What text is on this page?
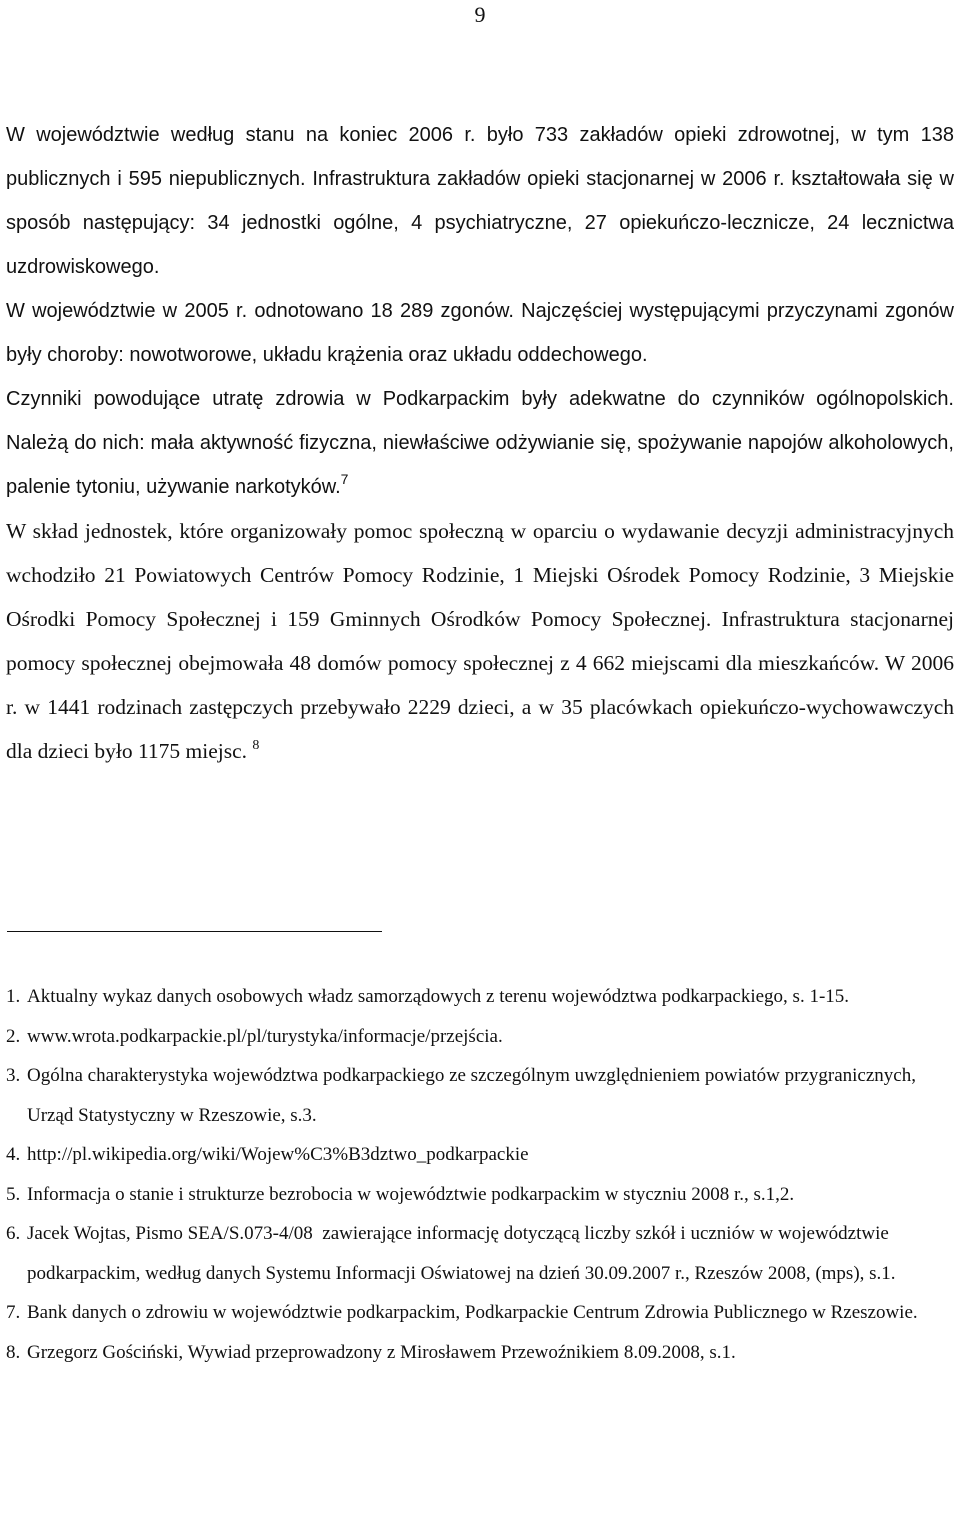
9

W województwie według stanu na koniec 2006 r. było 733 zakładów opieki zdrowotnej, w tym 138 publicznych i 595 niepublicznych. Infrastruktura zakładów opieki stacjonarnej w 2006 r. kształtowała się w sposób następujący: 34 jednostki ogólne, 4 psychiatryczne, 27 opiekuńczo-lecznicze, 24 lecznictwa uzdrowiskowego.

W województwie w 2005 r. odnotowano 18 289 zgonów. Najczęściej występującymi przyczynami zgonów były choroby: nowotworowe, układu krążenia oraz układu oddechowego.

Czynniki powodujące utratę zdrowia w Podkarpackim były adekwatne do czynników ogólnopolskich. Należą do nich: mała aktywność fizyczna, niewłaściwe odżywianie się, spożywanie napojów alkoholowych, palenie tytoniu, używanie narkotyków.$^7$

W skład jednostek, które organizowały pomoc społeczną w oparciu o wydawanie decyzji administracyjnych wchodziło 21 Powiatowych Centrów Pomocy Rodzinie, 1 Miejski Ośrodek Pomocy Rodzinie, 3 Miejskie Ośrodki Pomocy Społecznej i 159 Gminnych Ośrodków Pomocy Społecznej. Infrastruktura stacjonarnej pomocy społecznej obejmowała 48 domów pomocy społecznej z 4 662 miejscami dla mieszkańców. W 2006 r. w 1441 rodzinach zastępczych przebywało 2229 dzieci, a w 35 placówkach opiekuńczo-wychowawczych dla dzieci było 1175 miejsc. $^8$

1. Aktualny wykaz danych osobowych władz samorządowych z terenu województwa podkarpackiego, s. 1-15.
2. www.wrota.podkarpackie.pl/pl/turystyka/informacje/przejścia.
3. Ogólna charakterystyka województwa podkarpackiego ze szczególnym uwzględnieniem powiatów przygranicznych, Urząd Statystyczny w Rzeszowie, s.3.
4. http://pl.wikipedia.org/wiki/Wojew%C3%B3dztwo_podkarpackie
5. Informacja o stanie i strukturze bezrobocia w województwie podkarpackim w styczniu 2008 r., s.1,2.
6. Jacek Wojtas, Pismo SEA/S.073-4/08  zawierające informację dotyczącą liczby szkół i uczniów w województwie podkarpackim, według danych Systemu Informacji Oświatowej na dzień 30.09.2007 r., Rzeszów 2008, (mps), s.1.
7. Bank danych o zdrowiu w województwie podkarpackim, Podkarpackie Centrum Zdrowia Publicznego w Rzeszowie.
8. Grzegorz Gościński, Wywiad przeprowadzony z Mirosławem Przewoźnikiem 8.09.2008, s.1.
